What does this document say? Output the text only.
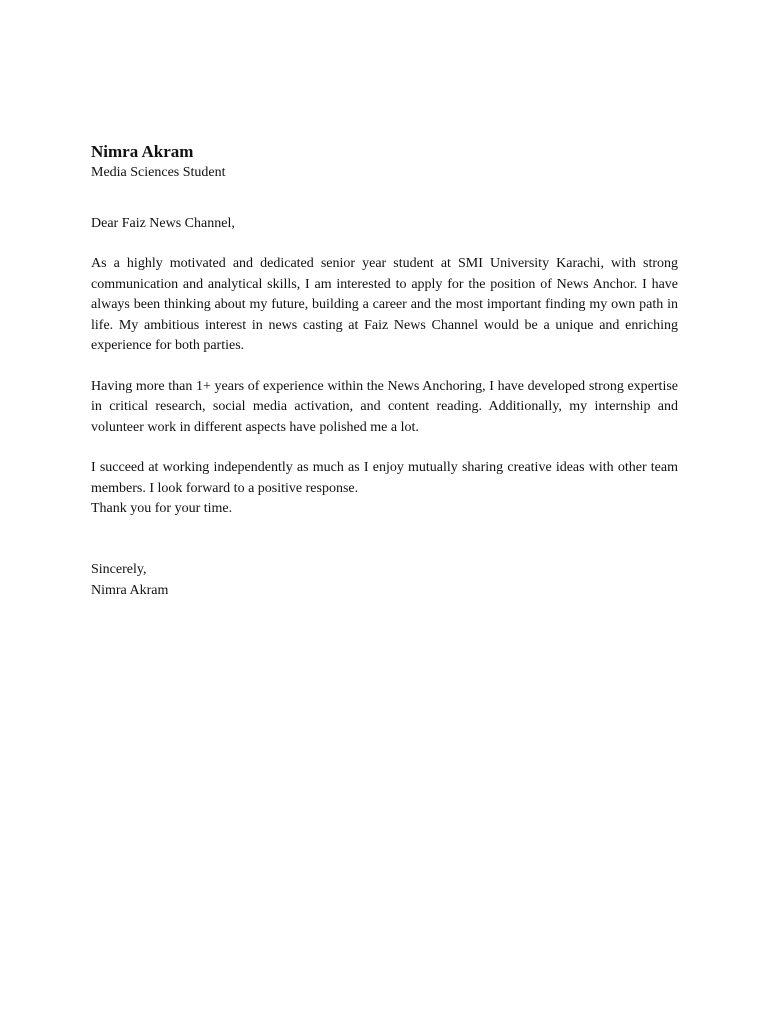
Nimra Akram

Media Sciences Student

Dear Faiz News Channel,

As a highly motivated and dedicated senior year student at SMI University Karachi, with strong communication and analytical skills, I am interested to apply for the position of News Anchor. I have always been thinking about my future, building a career and the most important finding my own path in life. My ambitious interest in news casting at Faiz News Channel would be a unique and enriching experience for both parties.

Having more than 1+ years of experience within the News Anchoring, I have developed strong expertise in critical research, social media activation, and content reading. Additionally, my internship and volunteer work in different aspects have polished me a lot.

I succeed at working independently as much as I enjoy mutually sharing creative ideas with other team members. I look forward to a positive response.

Thank you for your time.

Sincerely,

Nimra Akram
